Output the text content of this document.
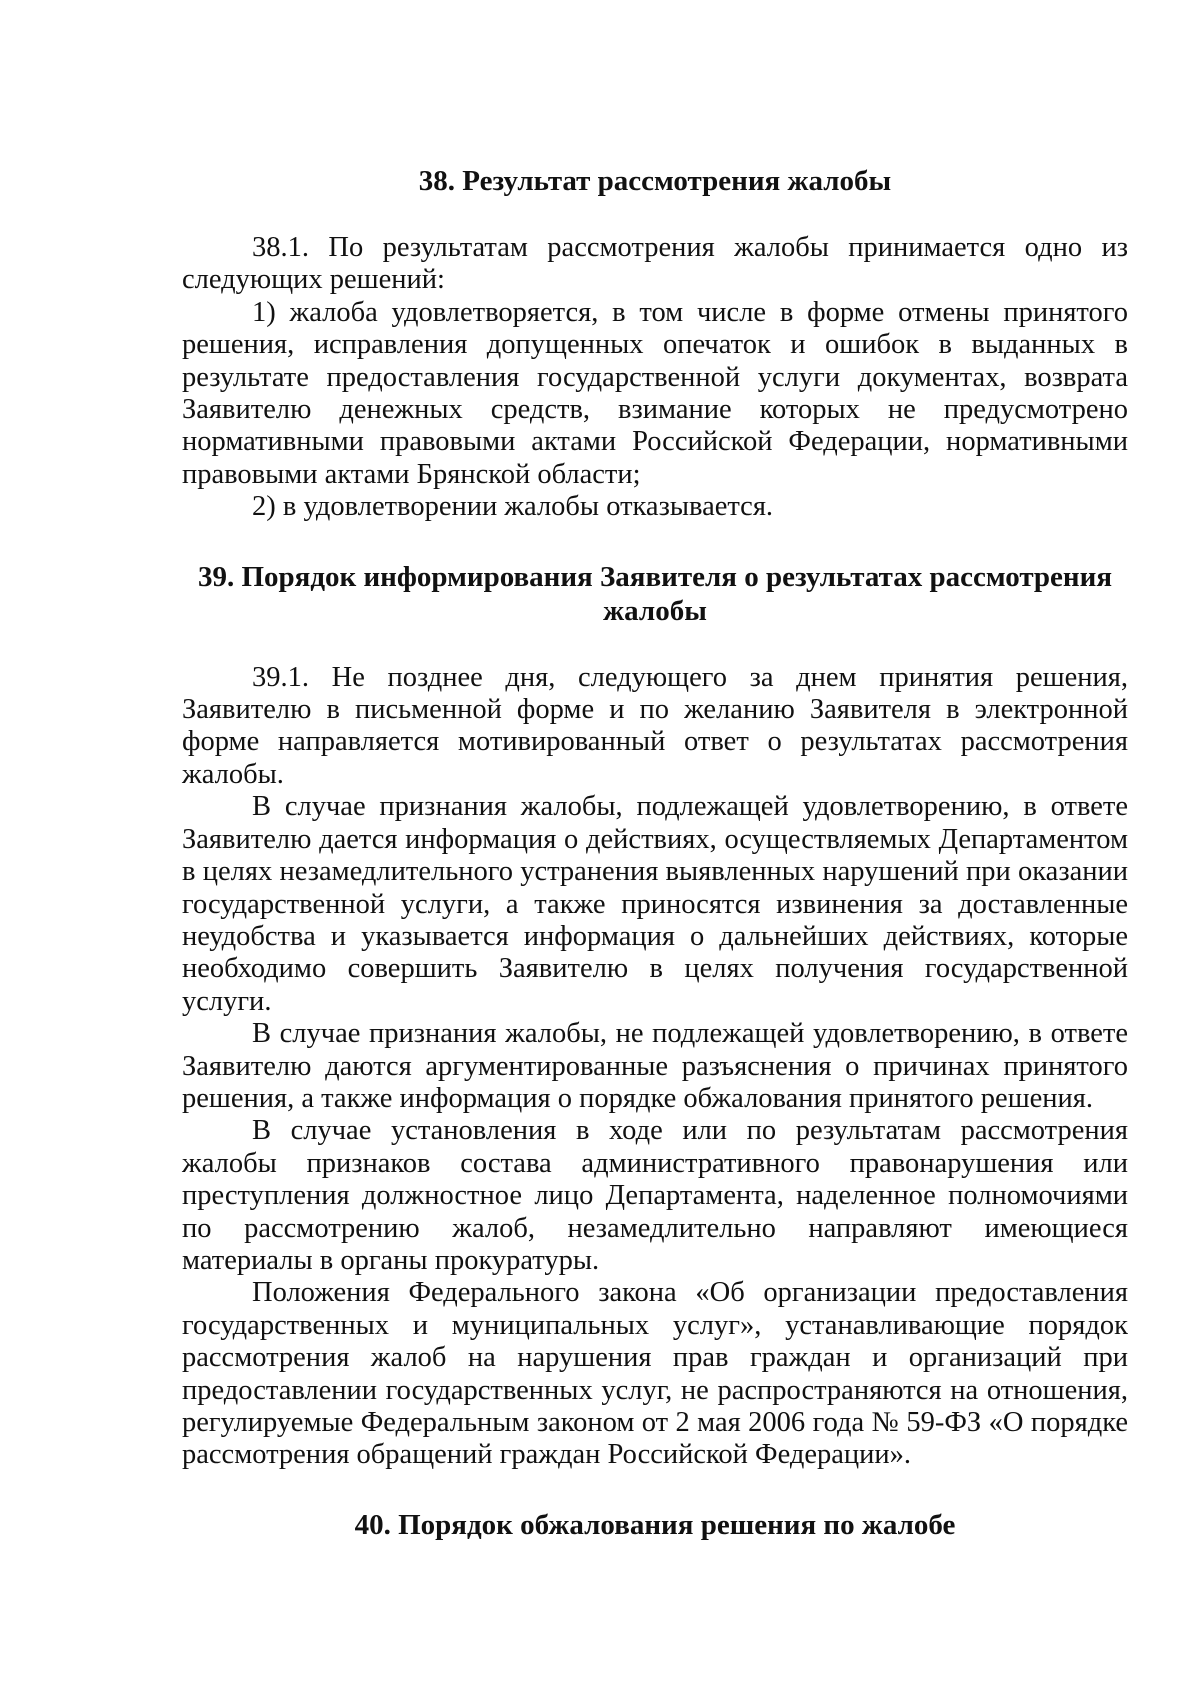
38. Результат рассмотрения жалобы

38.1. По результатам рассмотрения жалобы принимается одно из следующих решений:

1) жалоба удовлетворяется, в том числе в форме отмены принятого решения, исправления допущенных опечаток и ошибок в выданных в результате предоставления государственной услуги документах, возврата Заявителю денежных средств, взимание которых не предусмотрено нормативными правовыми актами Российской Федерации, нормативными правовыми актами Брянской области;

2) в удовлетворении жалобы отказывается.

39. Порядок информирования Заявителя о результатах рассмотрения жалобы

39.1. Не позднее дня, следующего за днем принятия решения, Заявителю в письменной форме и по желанию Заявителя в электронной форме направляется мотивированный ответ о результатах рассмотрения жалобы.

В случае признания жалобы, подлежащей удовлетворению, в ответе Заявителю дается информация о действиях, осуществляемых Департаментом в целях незамедлительного устранения выявленных нарушений при оказании государственной услуги, а также приносятся извинения за доставленные неудобства и указывается информация о дальнейших действиях, которые необходимо совершить Заявителю в целях получения государственной услуги.

В случае признания жалобы, не подлежащей удовлетворению, в ответе Заявителю даются аргументированные разъяснения о причинах принятого решения, а также информация о порядке обжалования принятого решения.

В случае установления в ходе или по результатам рассмотрения жалобы признаков состава административного правонарушения или преступления должностное лицо Департамента, наделенное полномочиями по рассмотрению жалоб, незамедлительно направляют имеющиеся материалы в органы прокуратуры.

Положения Федерального закона «Об организации предоставления государственных и муниципальных услуг», устанавливающие порядок рассмотрения жалоб на нарушения прав граждан и организаций при предоставлении государственных услуг, не распространяются на отношения, регулируемые Федеральным законом от 2 мая 2006 года № 59-ФЗ «О порядке рассмотрения обращений граждан Российской Федерации».

40. Порядок обжалования решения по жалобе
